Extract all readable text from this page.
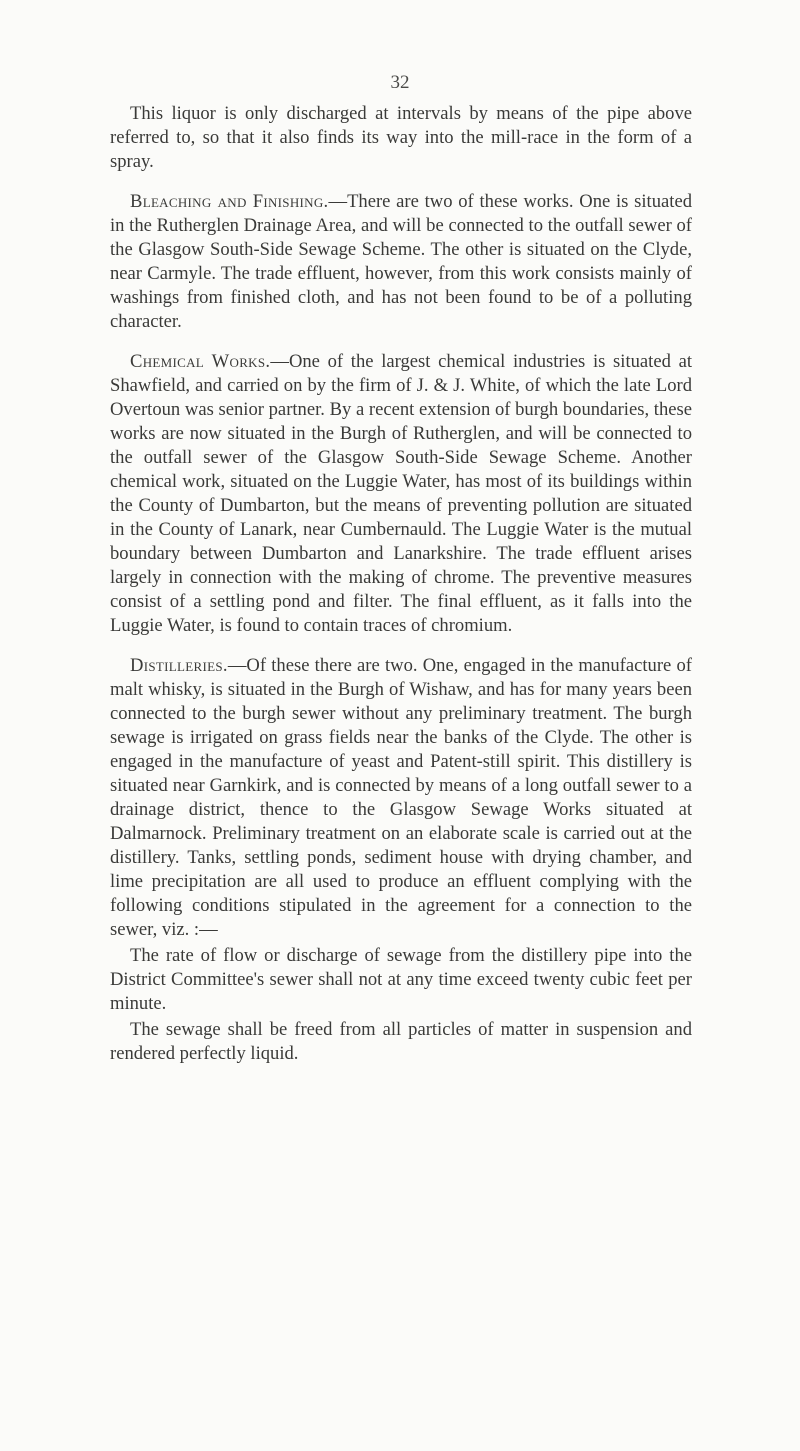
32

This liquor is only discharged at intervals by means of the pipe above referred to, so that it also finds its way into the mill-race in the form of a spray.

Bleaching and Finishing.—There are two of these works. One is situated in the Rutherglen Drainage Area, and will be connected to the outfall sewer of the Glasgow South-Side Sewage Scheme. The other is situated on the Clyde, near Carmyle. The trade effluent, however, from this work consists mainly of washings from finished cloth, and has not been found to be of a polluting character.

Chemical Works.—One of the largest chemical industries is situated at Shawfield, and carried on by the firm of J. & J. White, of which the late Lord Overtoun was senior partner. By a recent extension of burgh boundaries, these works are now situated in the Burgh of Rutherglen, and will be connected to the outfall sewer of the Glasgow South-Side Sewage Scheme. Another chemical work, situated on the Luggie Water, has most of its buildings within the County of Dumbarton, but the means of preventing pollution are situated in the County of Lanark, near Cumbernauld. The Luggie Water is the mutual boundary between Dumbarton and Lanarkshire. The trade effluent arises largely in connection with the making of chrome. The preventive measures consist of a settling pond and filter. The final effluent, as it falls into the Luggie Water, is found to contain traces of chromium.

Distilleries.—Of these there are two. One, engaged in the manufacture of malt whisky, is situated in the Burgh of Wishaw, and has for many years been connected to the burgh sewer without any preliminary treatment. The burgh sewage is irrigated on grass fields near the banks of the Clyde. The other is engaged in the manufacture of yeast and Patent-still spirit. This distillery is situated near Garnkirk, and is connected by means of a long outfall sewer to a drainage district, thence to the Glasgow Sewage Works situated at Dalmarnock. Preliminary treatment on an elaborate scale is carried out at the distillery. Tanks, settling ponds, sediment house with drying chamber, and lime precipitation are all used to produce an effluent complying with the following conditions stipulated in the agreement for a connection to the sewer, viz. :—

The rate of flow or discharge of sewage from the distillery pipe into the District Committee's sewer shall not at any time exceed twenty cubic feet per minute.

The sewage shall be freed from all particles of matter in suspension and rendered perfectly liquid.
